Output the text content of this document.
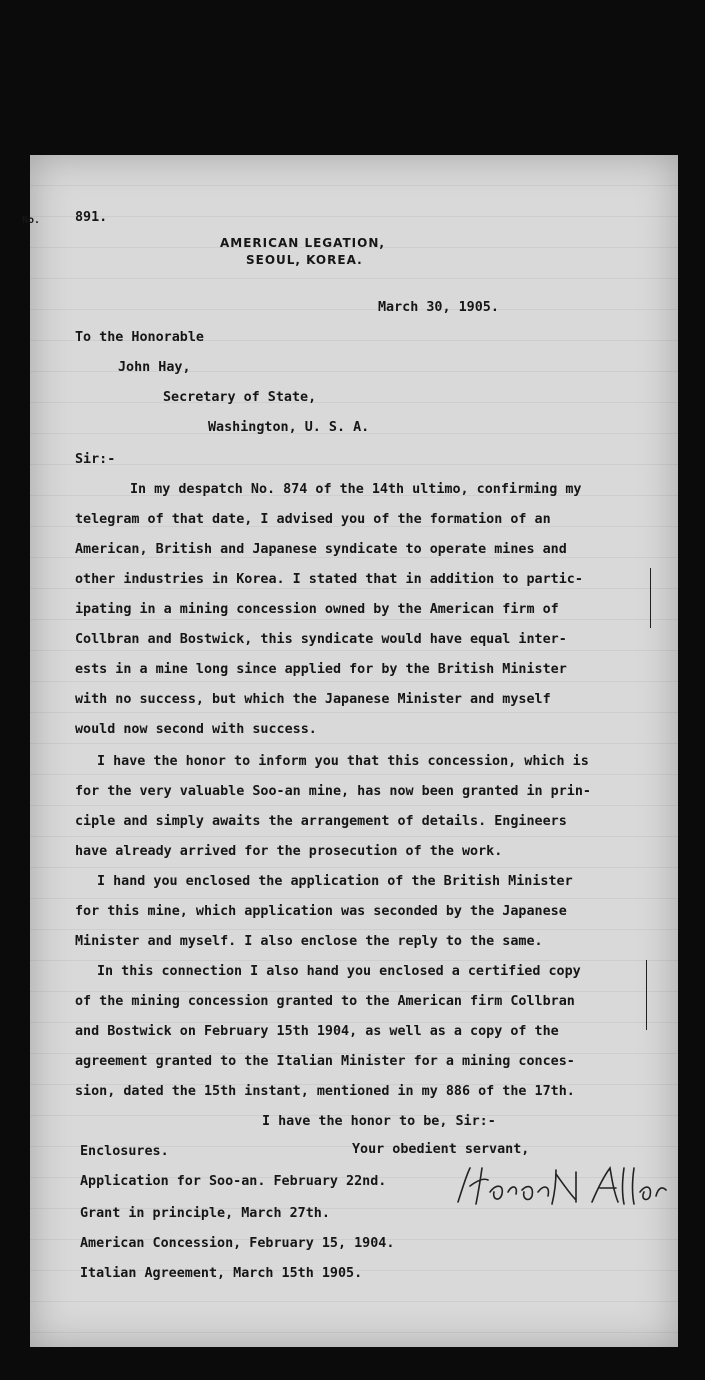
No.	891.
AMERICAN LEGATION,
SEOUL, KOREA.
March 30, 1905.
To the Honorable
John Hay,
Secretary of State,
Washington, U. S. A.
Sir:-
In my despatch No. 874 of the 14th ultimo, confirming my
telegram of that date, I advised you of the formation of an
American, British and Japanese syndicate to operate mines and
other industries in Korea. I stated that in addition to partic-
ipating in a mining concession owned by the American firm of
Collbran and Bostwick, this syndicate would have equal inter-
ests in a mine long since applied for by the British Minister
with no success, but which the Japanese Minister and myself
would now second with success.
I have the honor to inform you that this concession, which is
for the very valuable Soo-an mine, has now been granted in prin-
ciple and simply awaits the arrangement of details. Engineers
have already arrived for the prosecution of the work.
I hand you enclosed the application of the British Minister
for this mine, which application was seconded by the Japanese
Minister and myself. I also enclose the reply to the same.
In this connection I also hand you enclosed a certified copy
of the mining concession granted to the American firm Collbran
and Bostwick on February 15th 1904, as well as a copy of the
agreement granted to the Italian Minister for a mining conces-
sion, dated the 15th instant, mentioned in my 886 of the 17th.
I have the honor to be, Sir:-
Enclosures.	Your obedient servant,
Application for Soo-an. February 22nd.
Grant in principle, March 27th.
American Concession, February 15, 1904.
Italian Agreement, March 15th 1905.
